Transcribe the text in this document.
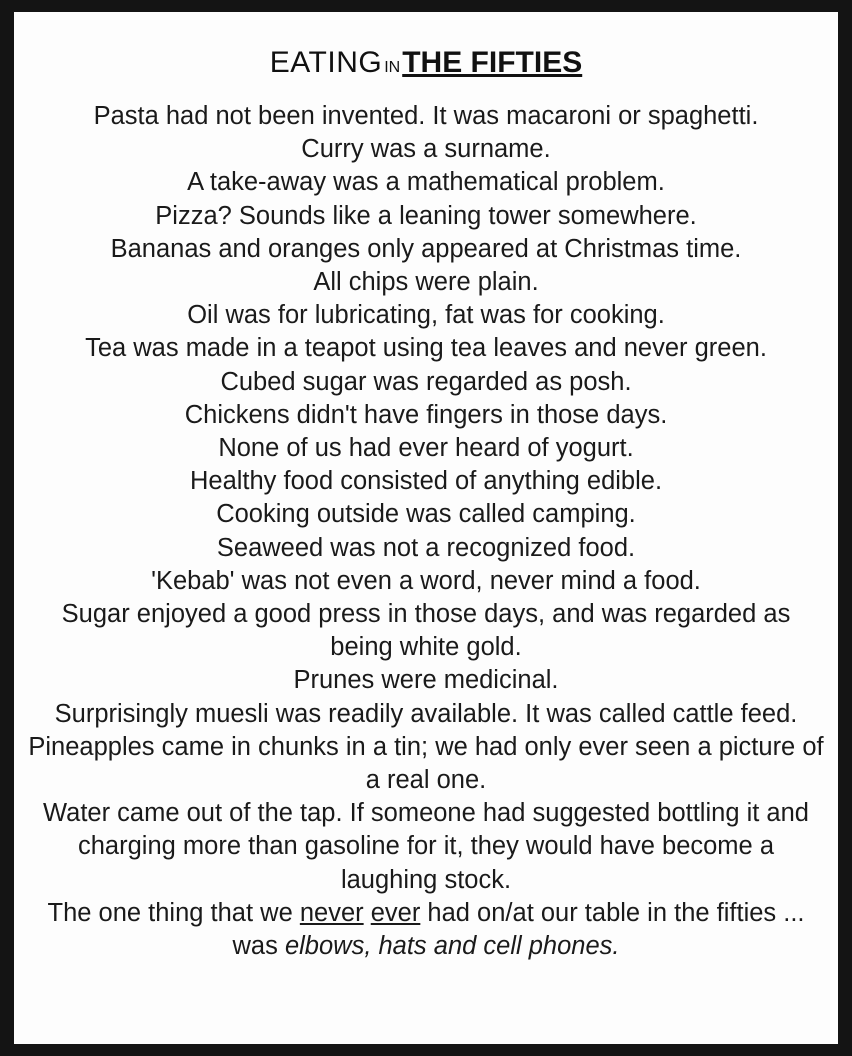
EATING INTHE FIFTIES

Pasta had not been invented. It was macaroni or spaghetti.

Curry was a surname.

A take-away was a mathematical problem.

Pizza? Sounds like a leaning tower somewhere.

Bananas and oranges only appeared at Christmas time.

All chips were plain.

Oil was for lubricating, fat was for cooking.

Tea was made in a teapot using tea leaves and never green.

Cubed sugar was regarded as posh.

Chickens didn't have fingers in those days.

None of us had ever heard of yogurt.

Healthy food consisted of anything edible.

Cooking outside was called camping.

Seaweed was not a recognized food.

'Kebab' was not even a word, never mind a food.

Sugar enjoyed a good press in those days, and was regarded as being white gold.

Prunes were medicinal.

Surprisingly muesli was readily available. It was called cattle feed.

Pineapples came in chunks in a tin; we had only ever seen a picture of a real one.

Water came out of the tap. If someone had suggested bottling it and charging more than gasoline for it, they would have become a laughing stock.

The one thing that we never ever had on/at our table in the fifties ... was elbows, hats and cell phones.
